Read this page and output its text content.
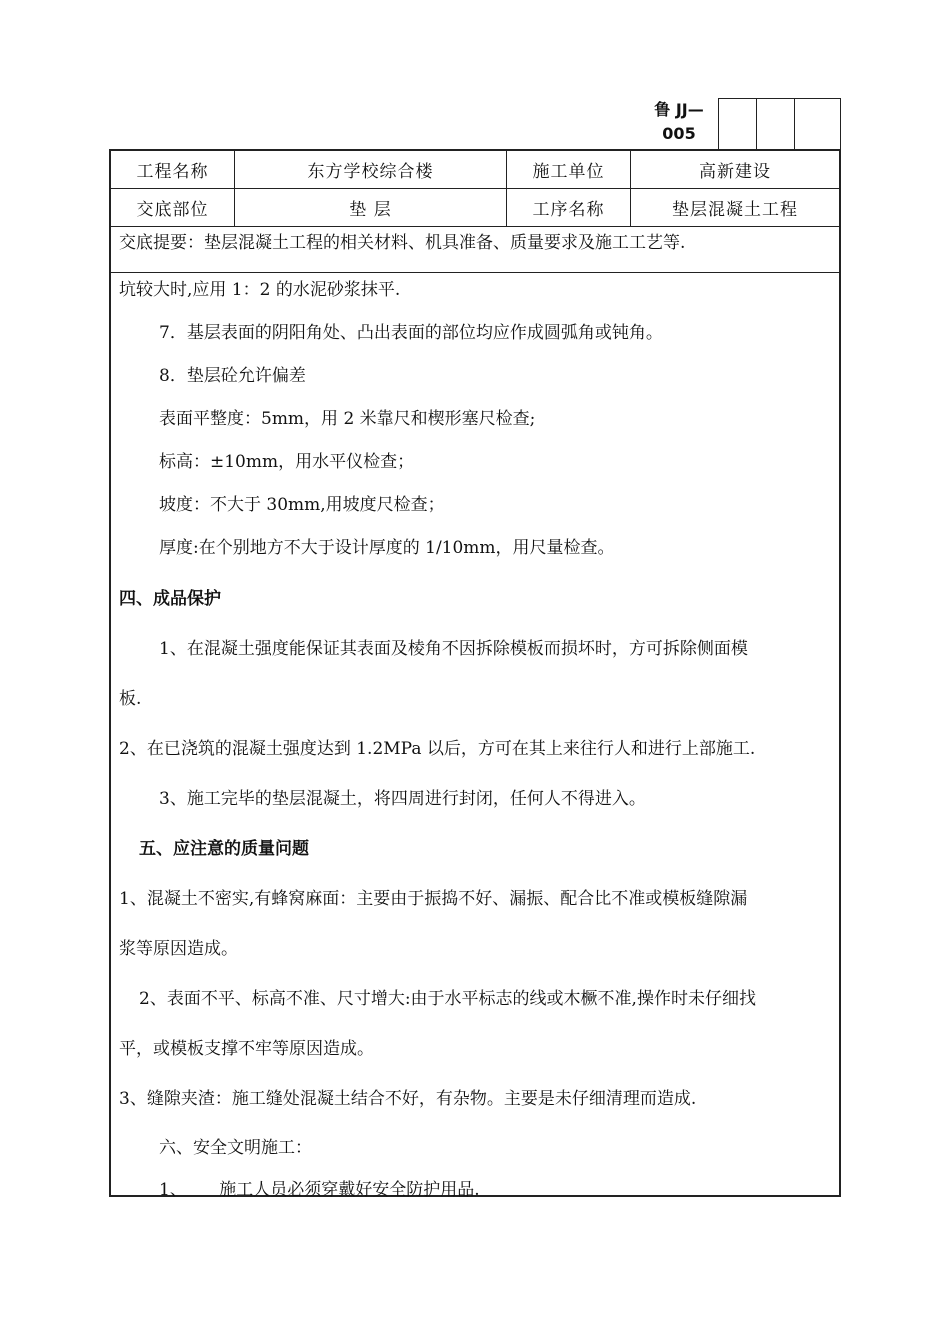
鲁 JJ—005
工程名称	东方学校综合楼	施工单位	高新建设
交底部位	垫 层	工序名称	垫层混凝土工程
交底提要：垫层混凝土工程的相关材料、机具准备、质量要求及施工工艺等.
坑较大时,应用 1：2 的水泥砂浆抹平.
7．基层表面的阴阳角处、凸出表面的部位均应作成圆弧角或钝角。
8．垫层砼允许偏差
表面平整度：5mm，用 2 米靠尺和楔形塞尺检查;
标高：±10mm，用水平仪检查；
坡度：不大于 30mm,用坡度尺检查；
厚度:在个别地方不大于设计厚度的 1/10mm，用尺量检查。
四、成品保护
1、在混凝土强度能保证其表面及棱角不因拆除模板而损坏时，方可拆除侧面模
板.
2、在已浇筑的混凝土强度达到 1.2MPa 以后，方可在其上来往行人和进行上部施工.
3、施工完毕的垫层混凝土，将四周进行封闭，任何人不得进入。
五、应注意的质量问题
1、混凝土不密实,有蜂窝麻面：主要由于振捣不好、漏振、配合比不准或模板缝隙漏
浆等原因造成。
2、表面不平、标高不准、尺寸增大:由于水平标志的线或木橛不准,操作时未仔细找
平，或模板支撑不牢等原因造成。
3、缝隙夹渣：施工缝处混凝土结合不好，有杂物。主要是未仔细清理而造成.
六、安全文明施工：
1、      施工人员必须穿戴好安全防护用品.
